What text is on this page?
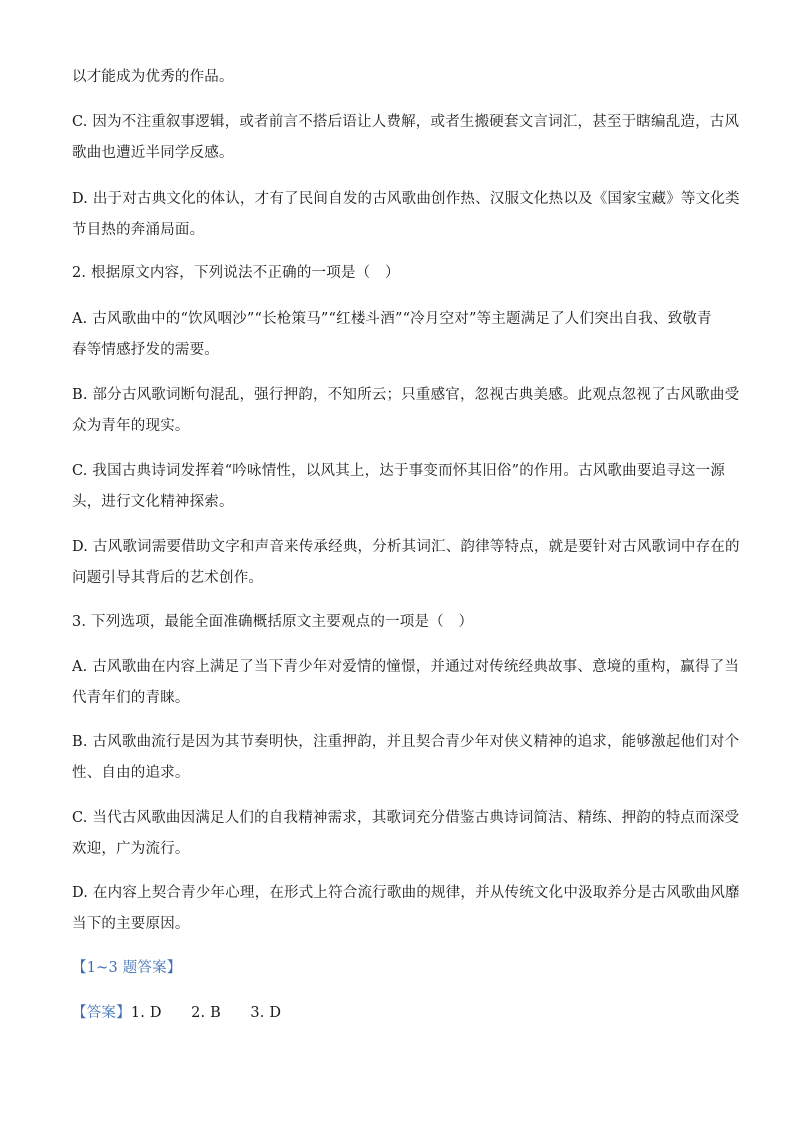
以才能成为优秀的作品。

C. 因为不注重叙事逻辑，或者前言不搭后语让人费解，或者生搬硬套文言词汇，甚至于瞎编乱造，古风

歌曲也遭近半同学反感。

D. 出于对古典文化的体认，才有了民间自发的古风歌曲创作热、汉服文化热以及《国家宝藏》等文化类

节目热的奔涌局面。

2. 根据原文内容，下列说法不正确的一项是（　）

A. 古风歌曲中的“饮风咽沙”“长枪策马”“红楼斗酒”“冷月空对”等主题满足了人们突出自我、致敬青

春等情感抒发的需要。

B. 部分古风歌词断句混乱，强行押韵，不知所云；只重感官，忽视古典美感。此观点忽视了古风歌曲受

众为青年的现实。

C. 我国古典诗词发挥着“吟咏情性，以风其上，达于事变而怀其旧俗”的作用。古风歌曲要追寻这一源

头，进行文化精神探索。

D. 古风歌词需要借助文字和声音来传承经典，分析其词汇、韵律等特点，就是要针对古风歌词中存在的

问题引导其背后的艺术创作。

3. 下列选项，最能全面准确概括原文主要观点的一项是（　）

A. 古风歌曲在内容上满足了当下青少年对爱情的憧憬，并通过对传统经典故事、意境的重构，赢得了当

代青年们的青睐。

B. 古风歌曲流行是因为其节奏明快，注重押韵，并且契合青少年对侠义精神的追求，能够激起他们对个

性、自由的追求。

C. 当代古风歌曲因满足人们的自我精神需求，其歌词充分借鉴古典诗词简洁、精练、押韵的特点而深受

欢迎，广为流行。

D. 在内容上契合青少年心理，在形式上符合流行歌曲的规律，并从传统文化中汲取养分是古风歌曲风靡

当下的主要原因。

【1~3 题答案】

【答案】1. D　　2. B　　3. D
